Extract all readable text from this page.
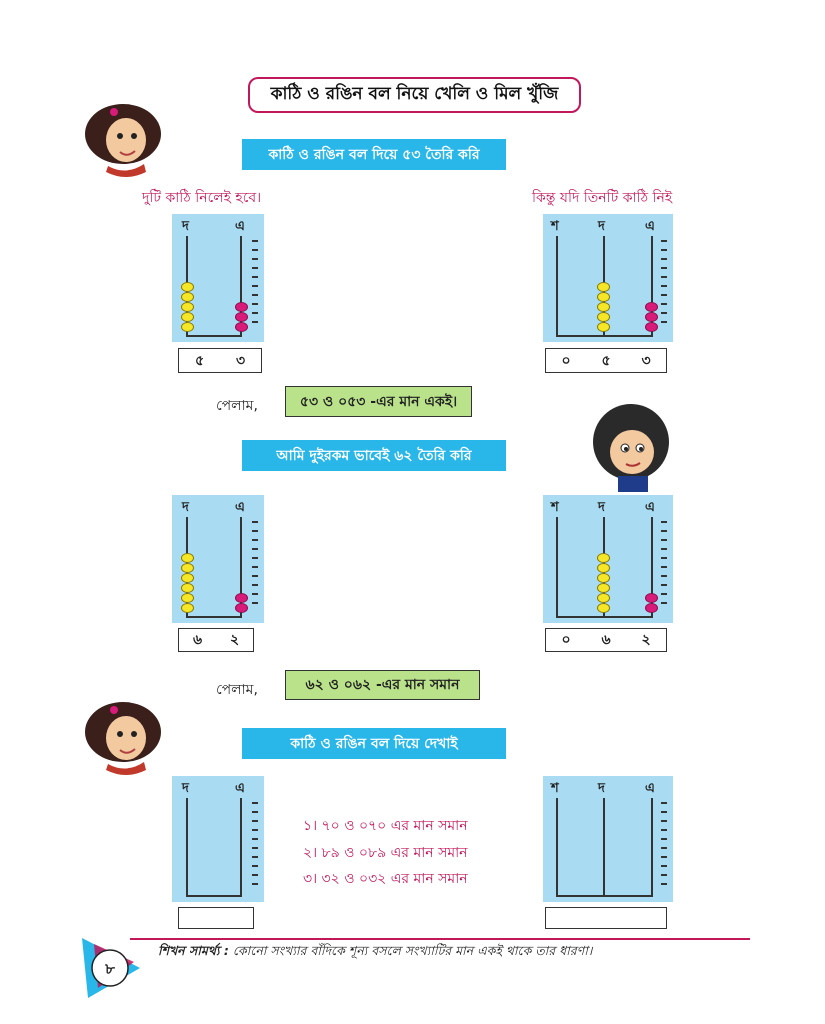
কাঠি ও রঙিন বল নিয়ে খেলি ও মিল খুঁজি
কাঠি ও রঙিন বল দিয়ে ৫৩ তৈরি করি
দুটি কাঠি নিলেই হবে।	কিন্তু যদি তিনটি কাঠি নিই
দ	এ
৫	৩
শ	দ	এ
০	৫	৩
পেলাম,	৫৩ ও ০৫৩ -এর মান একই।
আমি দুইরকম ভাবেই ৬২ তৈরি করি
দ	এ
৬	২
শ	দ	এ
০	৬	২
পেলাম,	৬২ ও ০৬২ -এর মান সমান
কাঠি ও রঙিন বল দিয়ে দেখাই
দ	এ
১। ৭০ ও ০৭০ এর মান সমান
২। ৮৯ ও ০৮৯ এর মান সমান
৩। ৩২ ও ০৩২ এর মান সমান
শ	দ	এ
শিখন সামর্থ্য : কোনো সংখ্যার বাঁদিকে শূন্য বসলে সংখ্যাটির মান একই থাকে তার ধারণা।
৮
